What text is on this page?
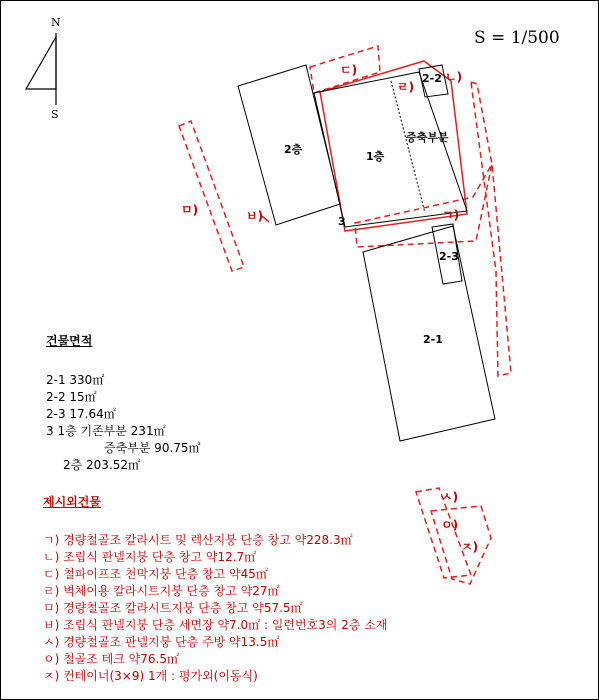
N
S
S = 1/500
2층
1층
증축부분
3
2-1
2-2
2-3
ㄱ)
ㄴ)
ㄷ)
ㄹ)
ㅁ)	ㅂ)
ㅅ)
ㅇ)
ㅈ)
건물면적
2-1 330㎡
2-2 15㎡
2-3 17.64㎡
3 1층 기존부분 231㎡
증축부분 90.75㎡
2층 203.52㎡
제시외건물
ㄱ) 경량철골조 칼라시트 및 렉산지붕 단층 창고 약228.3㎡
ㄴ) 조립식 판넬지붕 단층 창고 약12.7㎡
ㄷ) 철파이프조 천막지붕 단층 창고 약45㎡
ㄹ) 벽체이용 칼라시트지붕 단층 창고 약27㎡
ㅁ) 경량철골조 칼라시트지붕 단층 창고 약57.5㎡
ㅂ) 조립식 판넬지붕 단층 세면장 약7.0㎡ : 일련번호3의 2층 소재
ㅅ) 경량철골조 판넬지붕 단층 주방 약13.5㎡
ㅇ) 철골조 테크 약76.5㎡
ㅈ) 컨테이너(3×9) 1개 : 평가외(이동식)
